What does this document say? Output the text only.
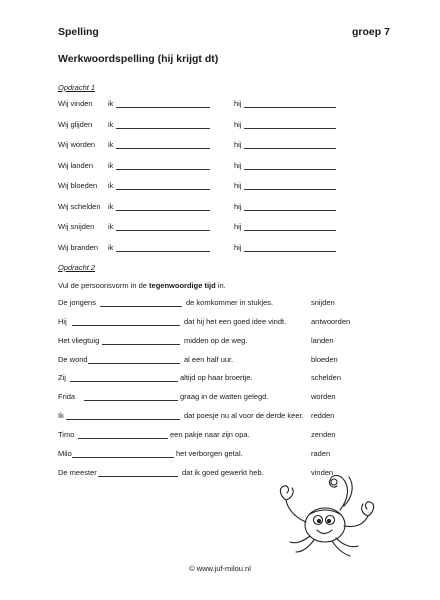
Spelling	groep 7
Werkwoordspelling (hij krijgt dt)
Opdracht 1
Wij vinden ik	hij
Wij glijden ik	hij
Wij worden ik	hij
Wij landen ik	hij
Wij bloeden ik	hij
Wij schelden ik	hij
Wij snijden ik	hij
Wij branden ik	hij
Opdracht 2
Vul de persoonsvorm in de tegenwoordige tijd in.
De jongens	de komkommer in stukjes.	snijden
Hij	dat hij het een goed idee vindt.	antwoorden
Het vliegtuig	midden op de weg.	landen
De wond	al een half uur.	bloeden
Zij	altijd op haar broertje.	schelden
Frida	graag in de watten gelegd.	worden
Ik	dat poesje nu al voor de derde keer. redden
Timo	een pakje naar zijn opa.	zenden
Milo	het verborgen getal.	raden
De meester	dat ik goed gewerkt heb.	vinden
© www.juf-milou.nl
